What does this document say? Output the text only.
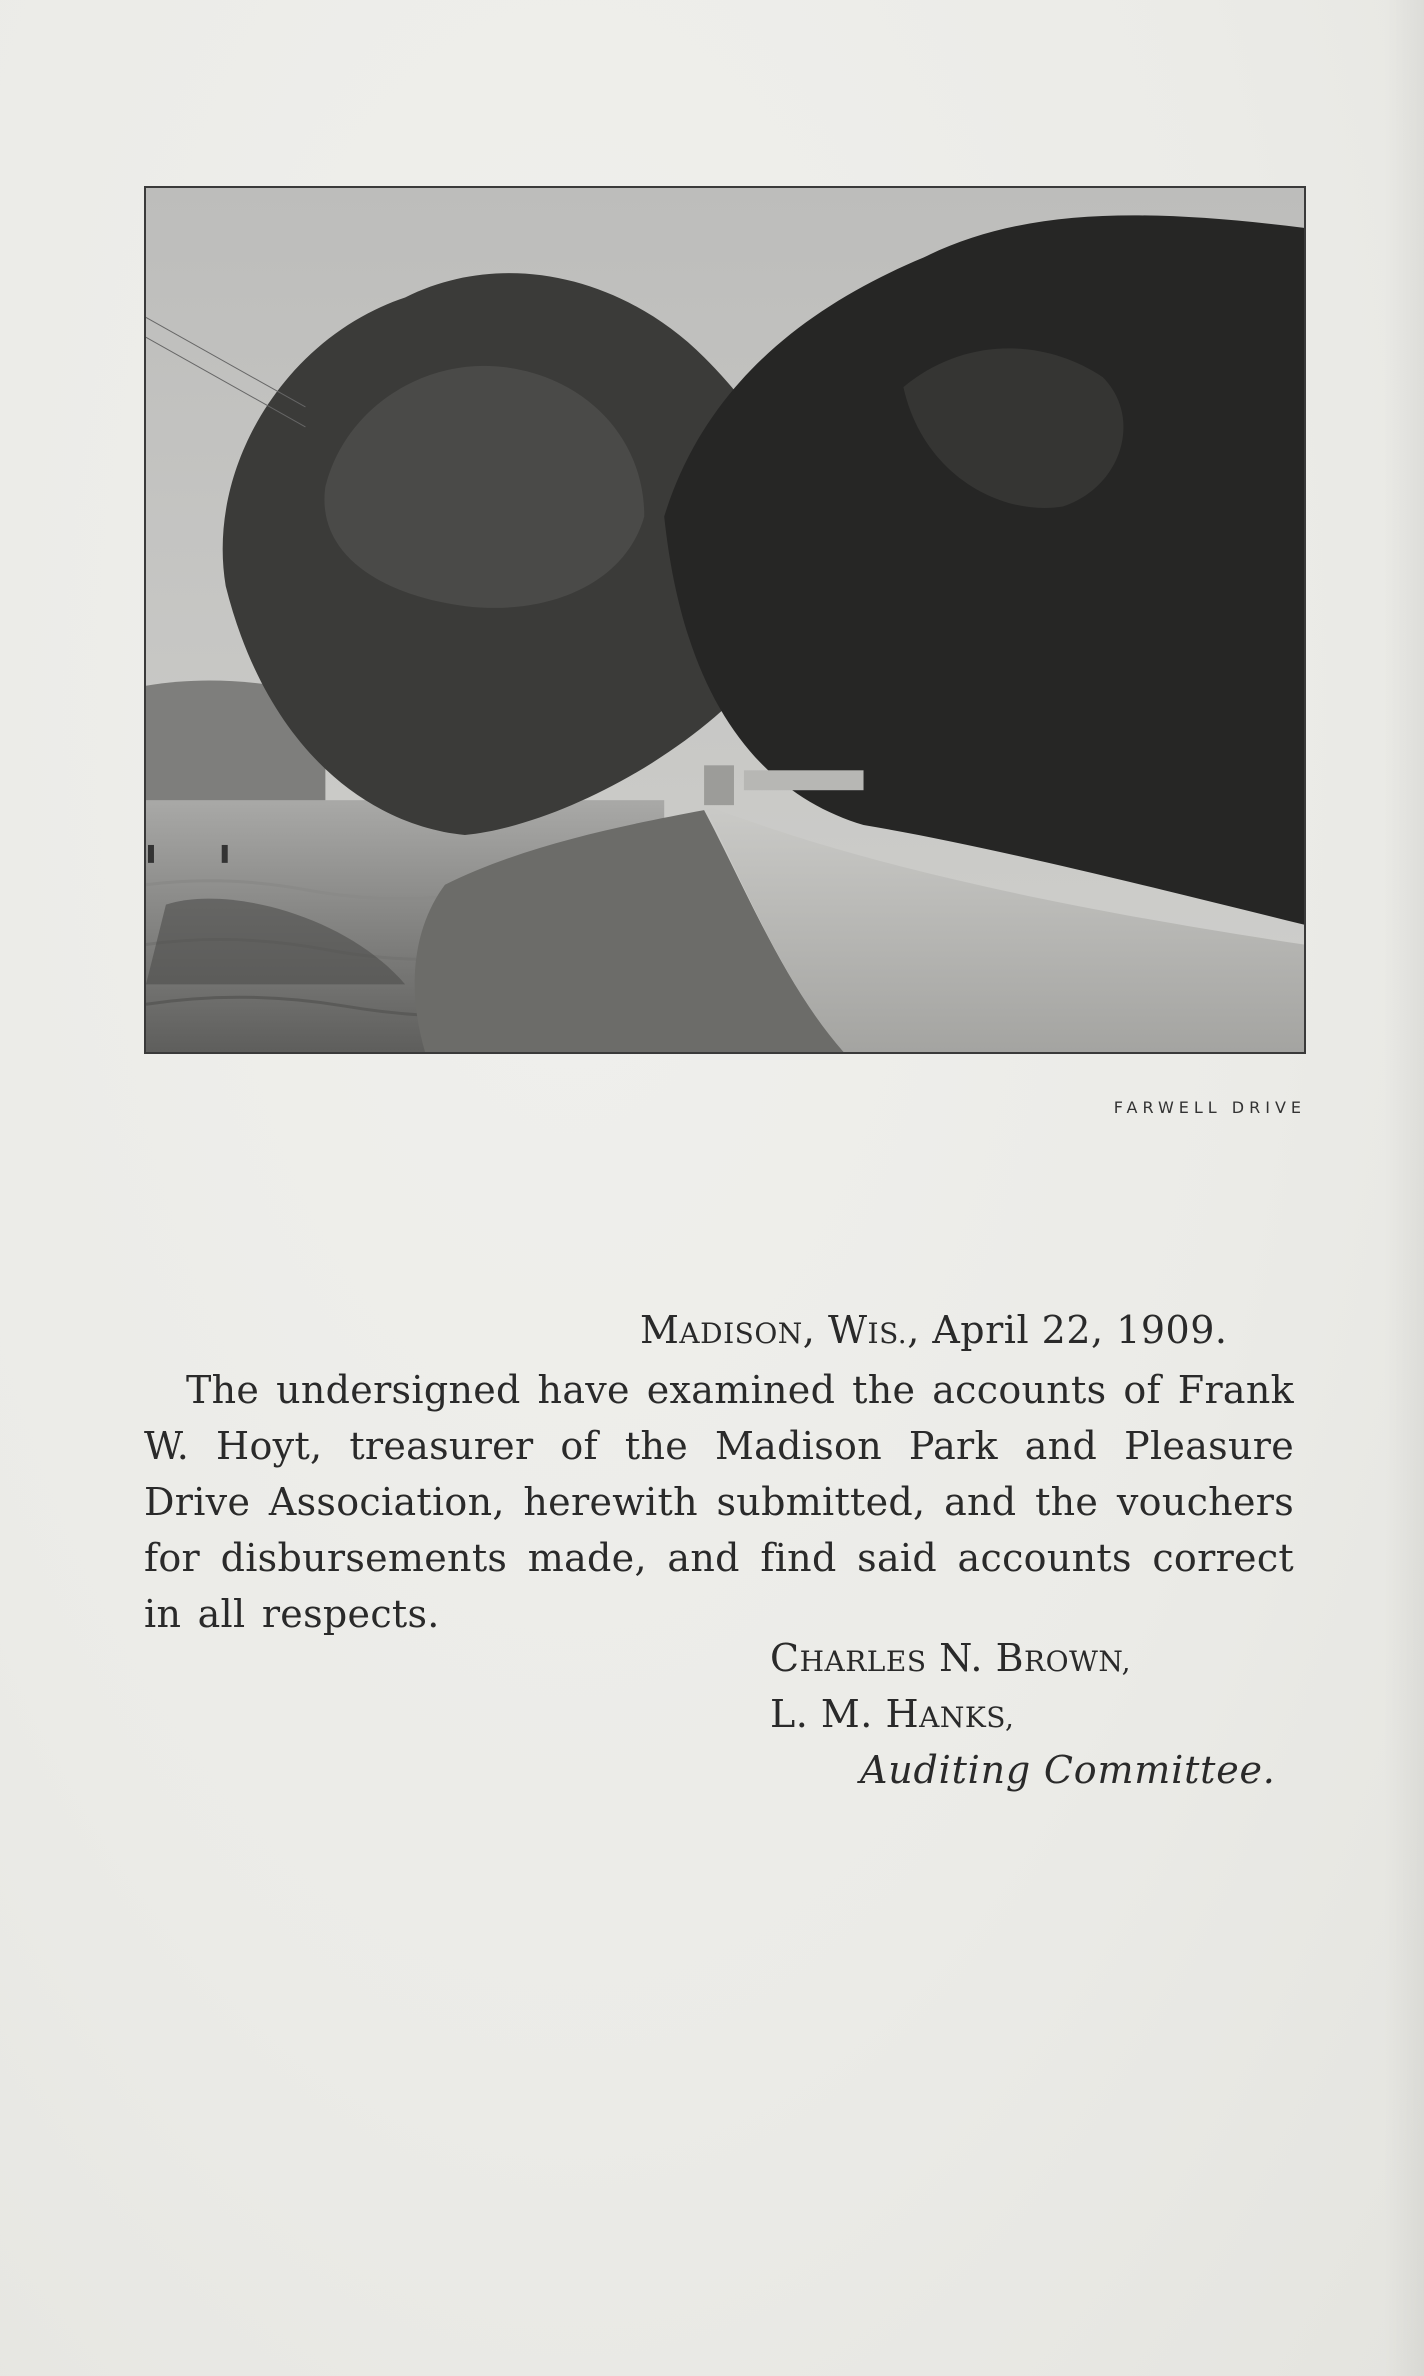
FARWELL DRIVE
MADISON, WIS., April 22, 1909.
The undersigned have examined the accounts of Frank W. Hoyt, treasurer of the Madison Park and Pleasure Drive Association, herewith submitted, and the vouchers for disbursements made, and find said accounts correct in all respects.
CHARLES N. BROWN,
L. M. HANKS,
Auditing Committee.
